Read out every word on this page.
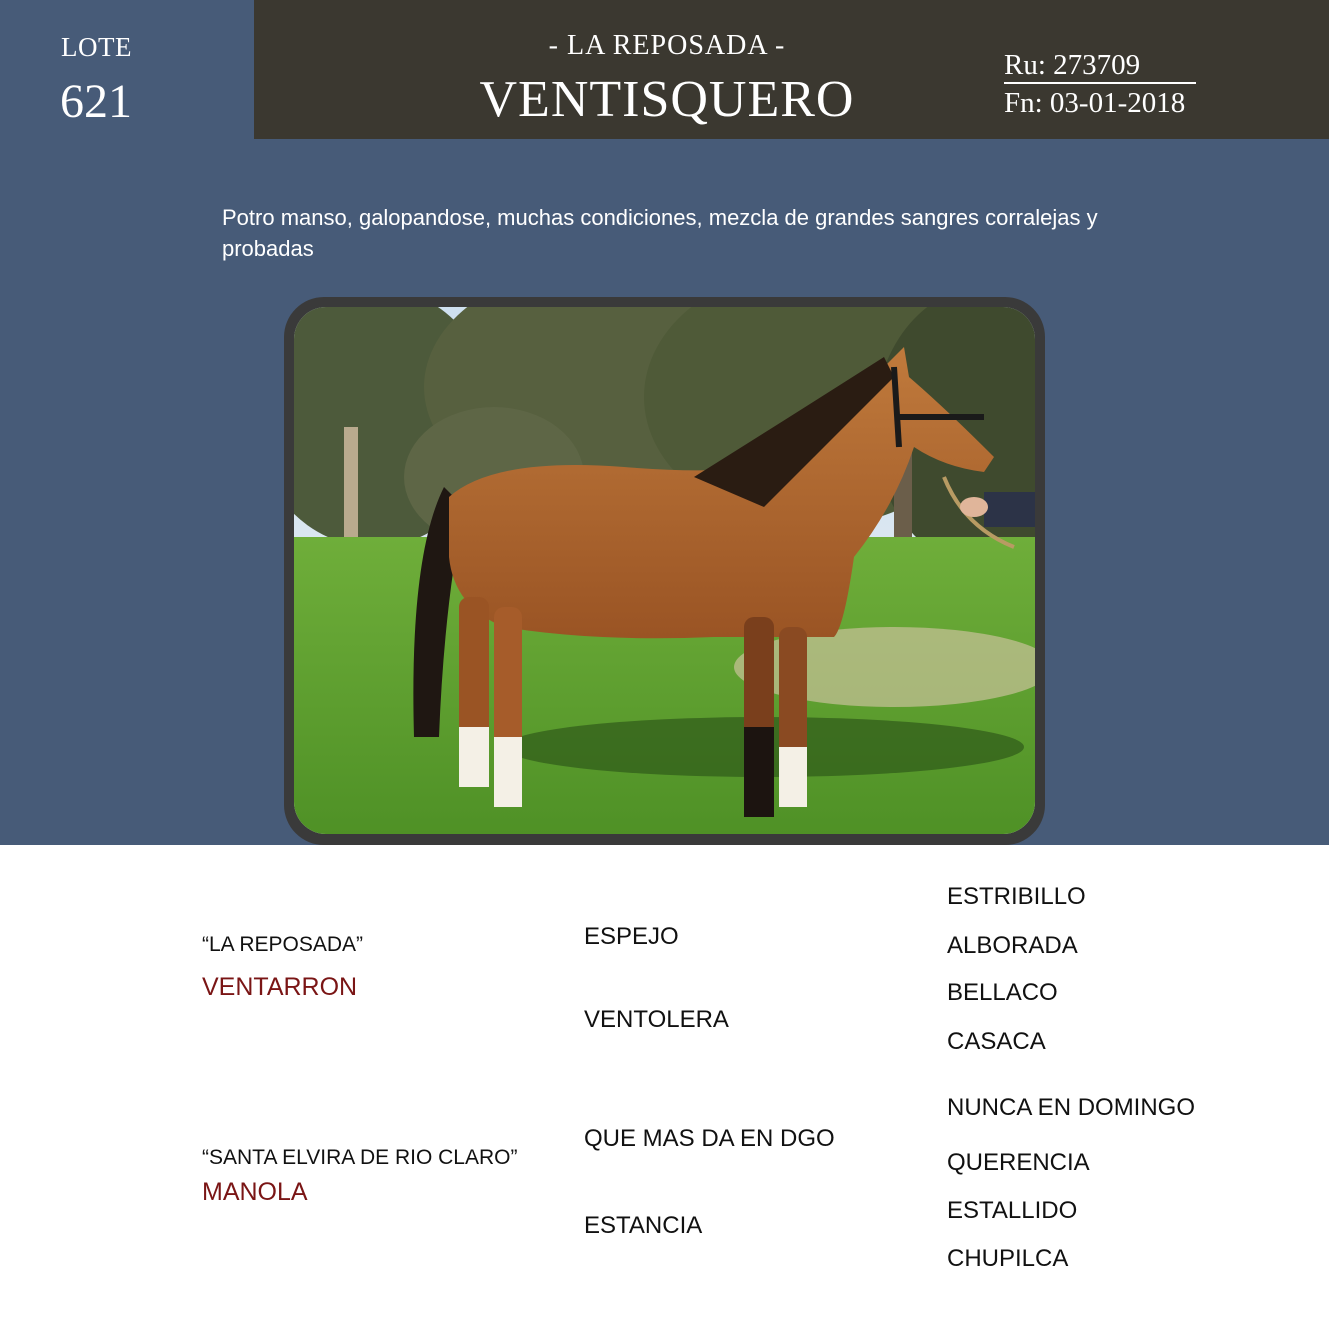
LOTE
621
- LA REPOSADA -
VENTISQUERO
Ru: 273709
Fn: 03-01-2018
Potro manso, galopandose, muchas condiciones, mezcla de grandes sangres corralejas y probadas
“LA REPOSADA”
VENTARRON
“SANTA ELVIRA DE RIO CLARO”
MANOLA
ESPEJO
VENTOLERA
QUE MAS DA EN DGO
ESTANCIA
ESTRIBILLO
ALBORADA
BELLACO
CASACA
NUNCA EN DOMINGO
QUERENCIA
ESTALLIDO
CHUPILCA
